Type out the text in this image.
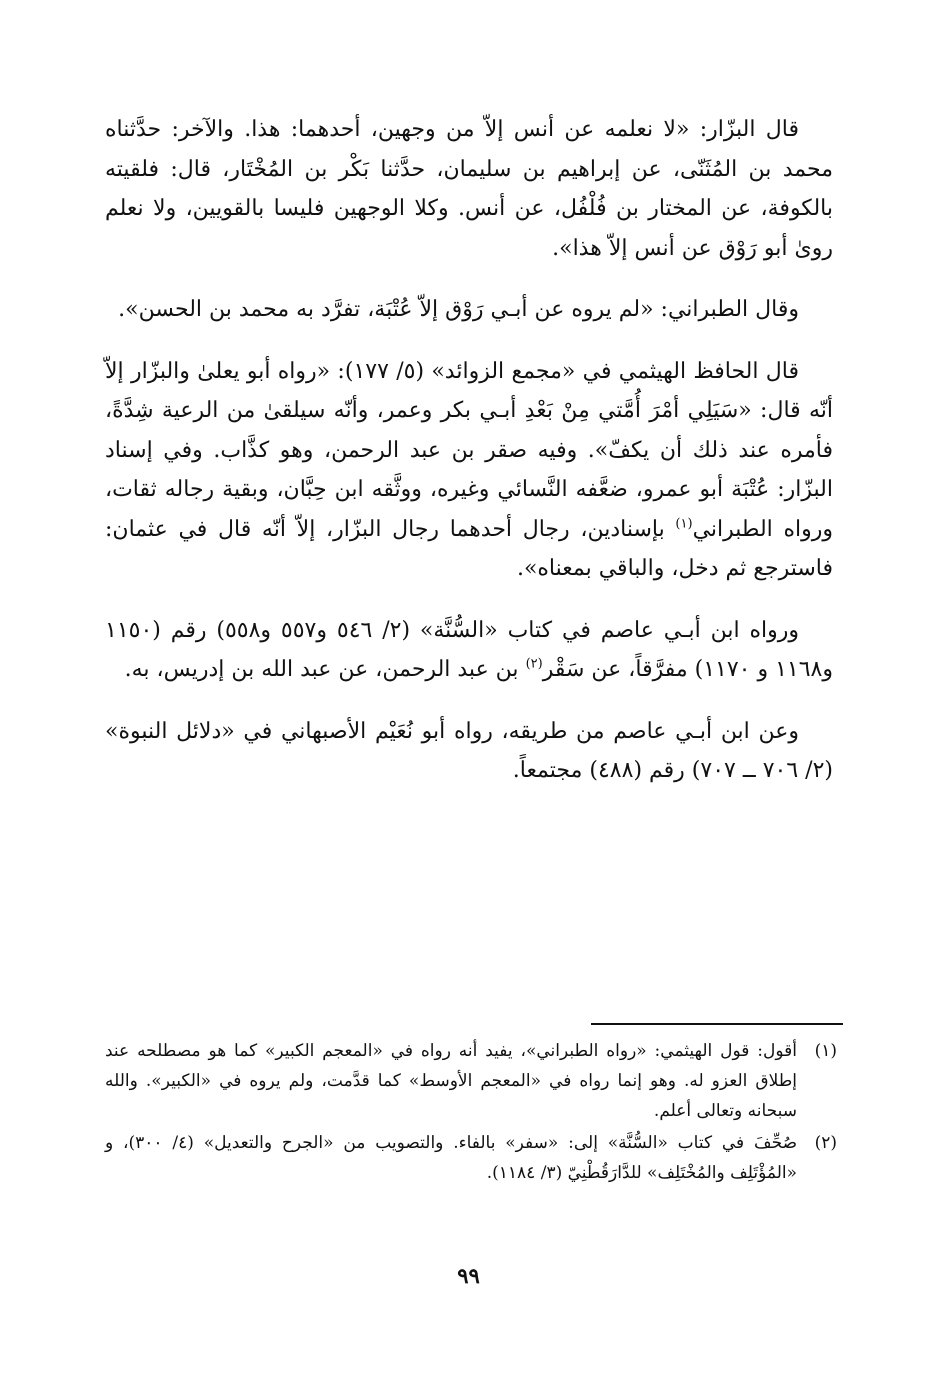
قال البزّار: «لا نعلمه عن أنس إلاّ من وجهين، أحدهما: هذا. والآخر: حدَّثناه محمد بن المُثَنّى، عن إبراهيم بن سليمان، حدَّثنا بَكْر بن المُخْتَار، قال: فلقيته بالكوفة، عن المختار بن فُلْفُل، عن أنس. وكلا الوجهين فليسا بالقويين، ولا نعلم روىٰ أبو رَوْق عن أنس إلاّ هذا».

وقال الطبراني: «لم يروه عن أبـي رَوْق إلاّ عُتْبَة، تفرَّد به محمد بن الحسن».

قال الحافظ الهيثمي في «مجمع الزوائد» (٥/ ١٧٧): «رواه أبو يعلىٰ والبزّار إلاّ أنّه قال: «سَيَلِي أمْرَ أُمَّتي مِنْ بَعْدِ أبـي بكر وعمر، وأنّه سيلقىٰ من الرعية شِدَّةً، فأمره عند ذلك أن يكفّ». وفيه صقر بن عبد الرحمن، وهو كذَّاب. وفي إسناد البزّار: عُتْبَة أبو عمرو، ضعَّفه النَّسائي وغيره، ووثَّقه ابن حِبَّان، وبقية رجاله ثقات، ورواه الطبراني$^{(١)}$ بإسنادين، رجال أحدهما رجال البزّار، إلاّ أنّه قال في عثمان: فاسترجع ثم دخل، والباقي بمعناه».

ورواه ابن أبـي عاصم في كتاب «السُّنَّة» (٢/ ٥٤٦ و٥٥٧ و٥٥٨) رقم (١١٥٠ و١١٦٨ و ١١٧٠) مفرَّقاً، عن سَقْر$^{(٢)}$ بن عبد الرحمن، عن عبد الله بن إدريس، به.

وعن ابن أبـي عاصم من طريقه، رواه أبو نُعَيْم الأصبهاني في «دلائل النبوة» (٢/ ٧٠٦ ــ ٧٠٧) رقم (٤٨٨) مجتمعاً.

(١)أقول: قول الهيثمي: «رواه الطبراني»، يفيد أنه رواه في «المعجم الكبير» كما هو مصطلحه عند إطلاق العزو له. وهو إنما رواه في «المعجم الأوسط» كما قدَّمت، ولم يروه في «الكبير». والله سبحانه وتعالى أعلم.

(٢)صُحِّفَ في كتاب «السُّنَّة» إلى: «سفر» بالفاء. والتصويب من «الجرح والتعديل» (٤/ ٣٠٠)، و «المُؤْتَلِف والمُخْتَلِف» للدَّارَقُطْنِيّ (٣/ ١١٨٤).

٩٩
